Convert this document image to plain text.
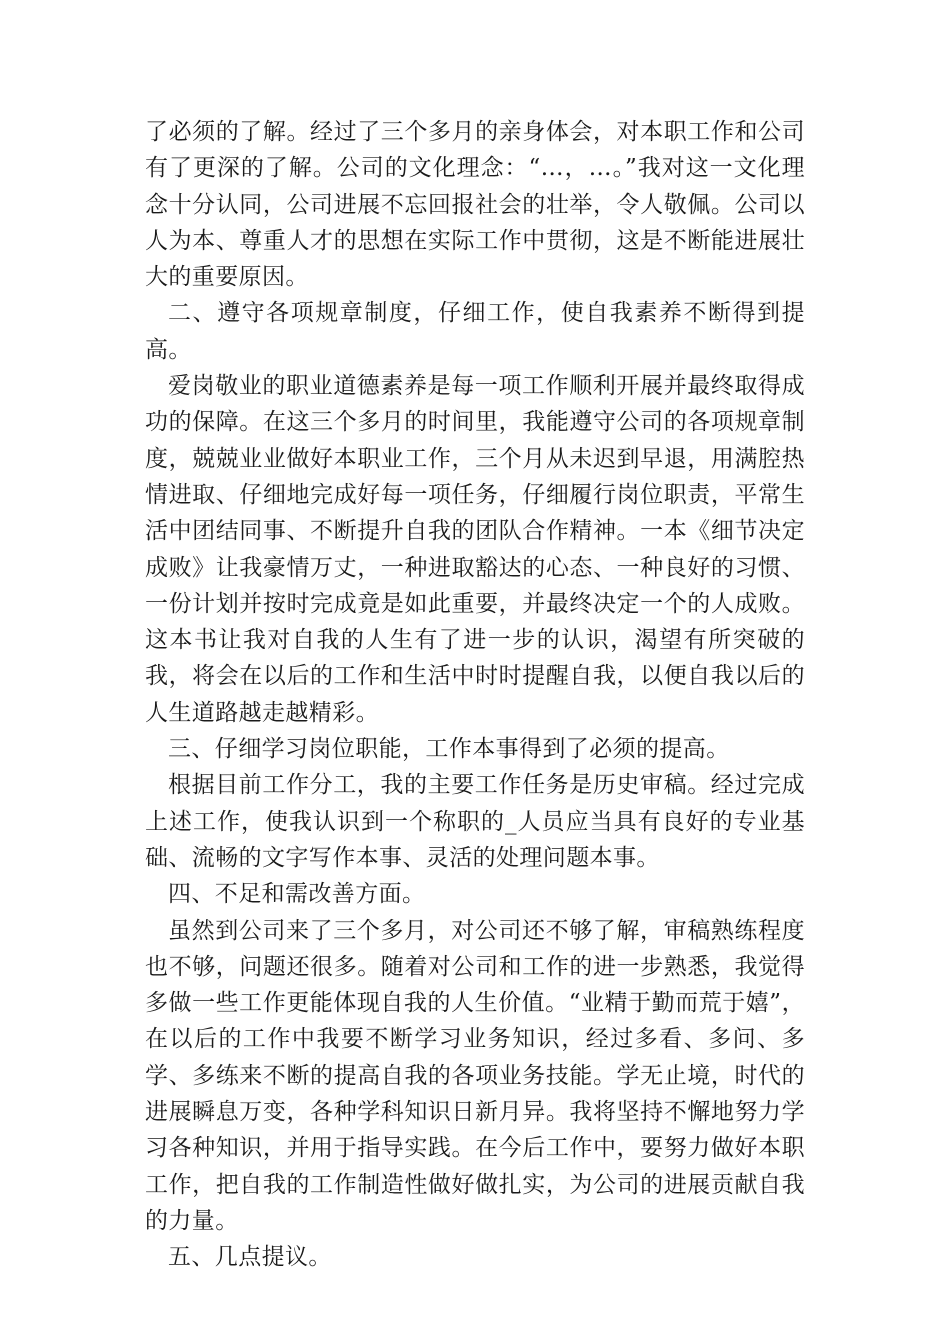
了必须的了解。经过了三个多月的亲身体会，对本职工作和公司有了更深的了解。公司的文化理念：“…，…。”我对这一文化理念十分认同，公司进展不忘回报社会的壮举，令人敬佩。公司以人为本、尊重人才的思想在实际工作中贯彻，这是不断能进展壮大的重要原因。

二、遵守各项规章制度，仔细工作，使自我素养不断得到提高。

爱岗敬业的职业道德素养是每一项工作顺利开展并最终取得成功的保障。在这三个多月的时间里，我能遵守公司的各项规章制度，兢兢业业做好本职业工作，三个月从未迟到早退，用满腔热情进取、仔细地完成好每一项任务，仔细履行岗位职责，平常生活中团结同事、不断提升自我的团队合作精神。一本《细节决定成败》让我豪情万丈，一种进取豁达的心态、一种良好的习惯、一份计划并按时完成竟是如此重要，并最终决定一个的人成败。这本书让我对自我的人生有了进一步的认识，渴望有所突破的我，将会在以后的工作和生活中时时提醒自我，以便自我以后的人生道路越走越精彩。

三、仔细学习岗位职能，工作本事得到了必须的提高。

根据目前工作分工，我的主要工作任务是历史审稿。经过完成上述工作，使我认识到一个称职的_人员应当具有良好的专业基础、流畅的文字写作本事、灵活的处理问题本事。

四、不足和需改善方面。

虽然到公司来了三个多月，对公司还不够了解，审稿熟练程度也不够，问题还很多。随着对公司和工作的进一步熟悉，我觉得多做一些工作更能体现自我的人生价值。“业精于勤而荒于嬉”，在以后的工作中我要不断学习业务知识，经过多看、多问、多学、多练来不断的提高自我的各项业务技能。学无止境，时代的进展瞬息万变，各种学科知识日新月异。我将坚持不懈地努力学习各种知识，并用于指导实践。在今后工作中，要努力做好本职工作，把自我的工作制造性做好做扎实，为公司的进展贡献自我的力量。

五、几点提议。
